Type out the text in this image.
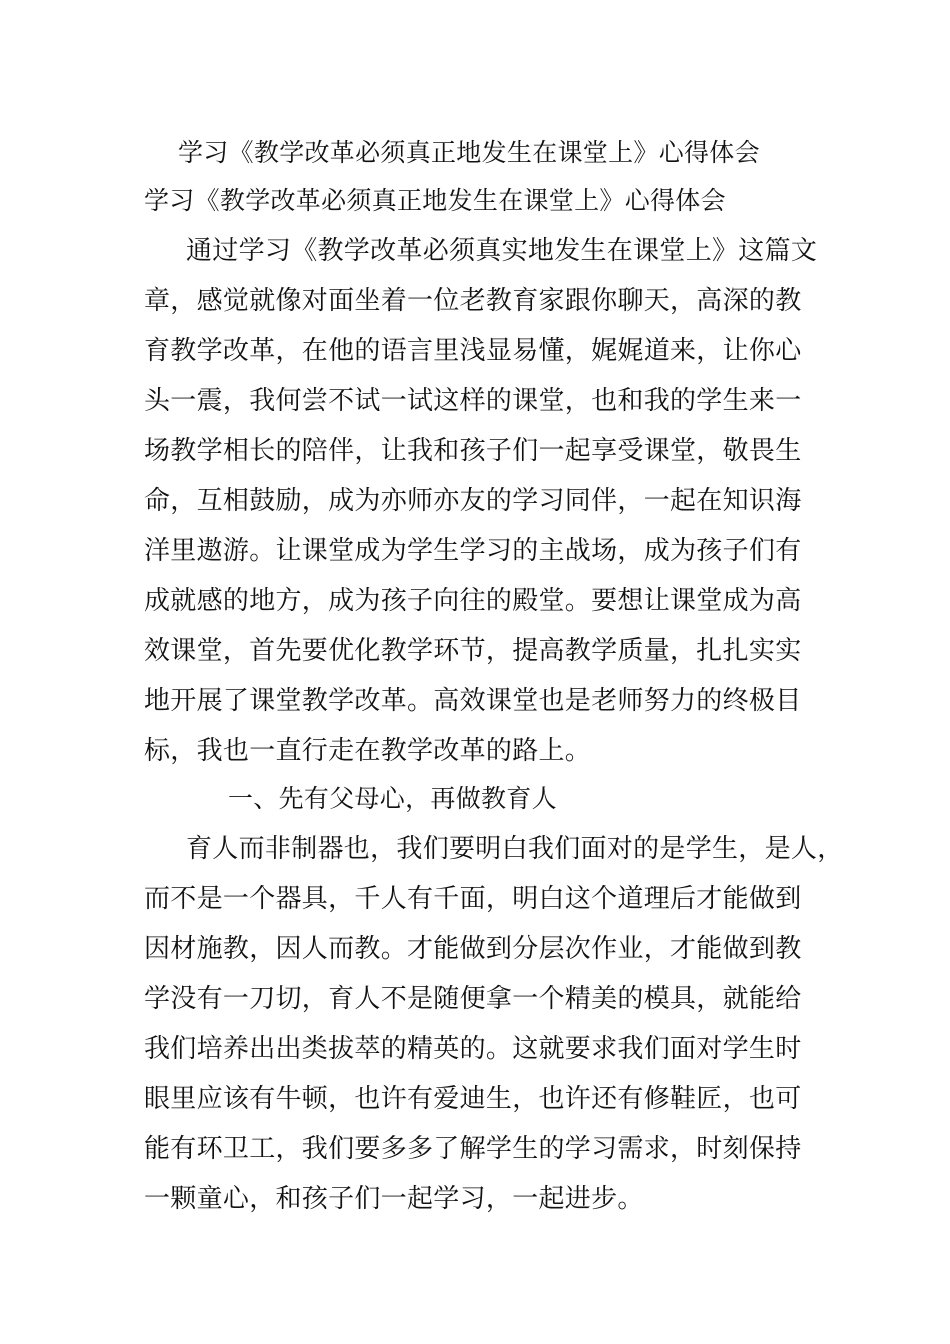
学习《教学改革必须真正地发生在课堂上》心得体会
学习《教学改革必须真正地发生在课堂上》心得体会
通过学习《教学改革必须真实地发生在课堂上》这篇文
章，感觉就像对面坐着一位老教育家跟你聊天，高深的教
育教学改革，在他的语言里浅显易懂，娓娓道来，让你心
头一震，我何尝不试一试这样的课堂，也和我的学生来一
场教学相长的陪伴，让我和孩子们一起享受课堂，敬畏生
命，互相鼓励，成为亦师亦友的学习同伴，一起在知识海
洋里遨游。让课堂成为学生学习的主战场，成为孩子们有
成就感的地方，成为孩子向往的殿堂。要想让课堂成为高
效课堂，首先要优化教学环节，提高教学质量，扎扎实实
地开展了课堂教学改革。高效课堂也是老师努力的终极目
标，我也一直行走在教学改革的路上。
一、先有父母心，再做教育人
育人而非制器也，我们要明白我们面对的是学生，是人，
而不是一个器具，千人有千面，明白这个道理后才能做到
因材施教，因人而教。才能做到分层次作业，才能做到教
学没有一刀切，育人不是随便拿一个精美的模具，就能给
我们培养出出类拔萃的精英的。这就要求我们面对学生时
眼里应该有牛顿，也许有爱迪生，也许还有修鞋匠，也可
能有环卫工，我们要多多了解学生的学习需求，时刻保持
一颗童心，和孩子们一起学习，一起进步。
